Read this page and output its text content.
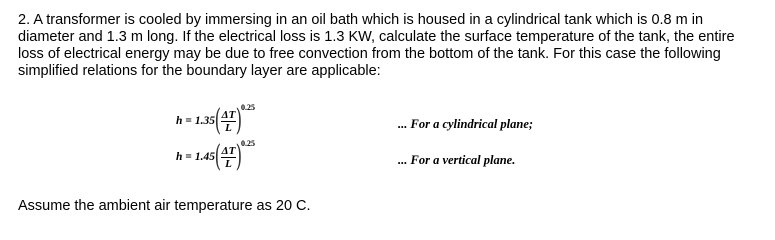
2. A transformer is cooled by immersing in an oil bath which is housed in a cylindrical tank which is 0.8 m in diameter and 1.3 m long. If the electrical loss is 1.3 KW, calculate the surface temperature of the tank, the entire loss of electrical energy may be due to free convection from the bottom of the tank. For this case the following simplified relations for the boundary layer are applicable:
h = 1.35 ( $\frac{\Delta T}{L}$ )
0.25
... For a cylindrical plane;
h = 1.45 ( $\frac{\Delta T}{L}$ )
0.25
... For a vertical plane.
Assume the ambient air temperature as 20 C.
